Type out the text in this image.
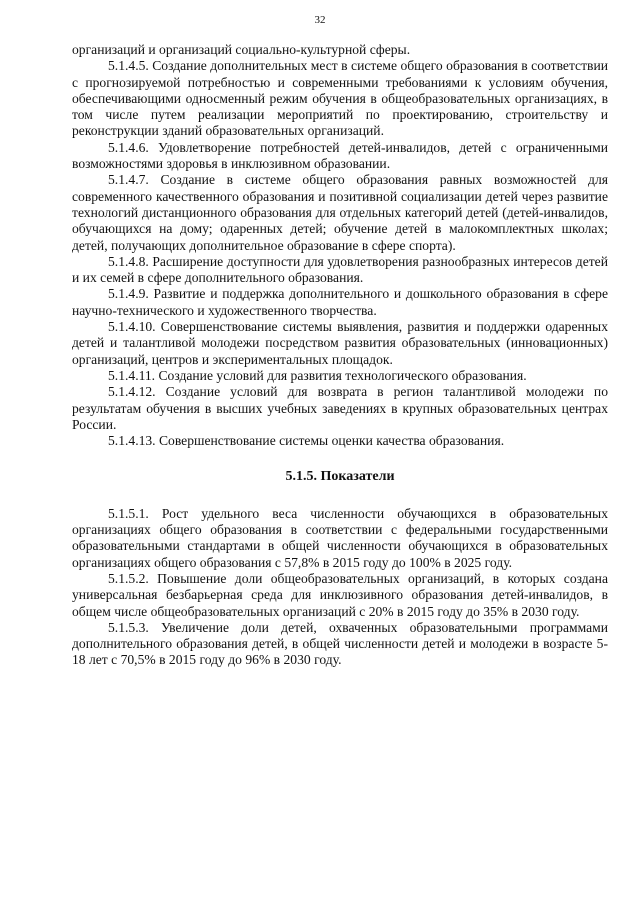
32

организаций и организаций социально-культурной сферы.

5.1.4.5. Создание дополнительных мест в системе общего образования в соответствии с прогнозируемой потребностью и современными требованиями к условиям обучения, обеспечивающими односменный режим обучения в общеобразовательных организациях, в том числе путем реализации мероприятий по проектированию, строительству и реконструкции зданий образовательных организаций.

5.1.4.6. Удовлетворение потребностей детей-инвалидов, детей с ограниченными возможностями здоровья в инклюзивном образовании.

5.1.4.7. Создание в системе общего образования равных возможностей для современного качественного образования и позитивной социализации детей через развитие технологий дистанционного образования для отдельных категорий детей (детей-инвалидов, обучающихся на дому; одаренных детей; обучение детей в малокомплектных школах; детей, получающих дополнительное образование в сфере спорта).

5.1.4.8. Расширение доступности для удовлетворения разнообразных интересов детей и их семей в сфере дополнительного образования.

5.1.4.9. Развитие и поддержка дополнительного и дошкольного образования в сфере научно-технического и художественного творчества.

5.1.4.10. Совершенствование системы выявления, развития и поддержки одаренных детей и талантливой молодежи посредством развития образовательных (инновационных) организаций, центров и экспериментальных площадок.

5.1.4.11. Создание условий для развития технологического образования.

5.1.4.12. Создание условий для возврата в регион талантливой молодежи по результатам обучения в высших учебных заведениях в крупных образовательных центрах России.

5.1.4.13. Совершенствование системы оценки качества образования.

5.1.5. Показатели

5.1.5.1. Рост удельного веса численности обучающихся в образовательных организациях общего образования в соответствии с федеральными государственными образовательными стандартами в общей численности обучающихся в образовательных организациях общего образования с 57,8% в 2015 году до 100% в 2025 году.

5.1.5.2. Повышение доли общеобразовательных организаций, в которых создана универсальная безбарьерная среда для инклюзивного образования детей-инвалидов, в общем числе общеобразовательных организаций с 20% в 2015 году до 35% в 2030 году.

5.1.5.3. Увеличение доли детей, охваченных образовательными программами дополнительного образования детей, в общей численности детей и молодежи в возрасте 5-18 лет с 70,5% в 2015 году до 96% в 2030 году.
